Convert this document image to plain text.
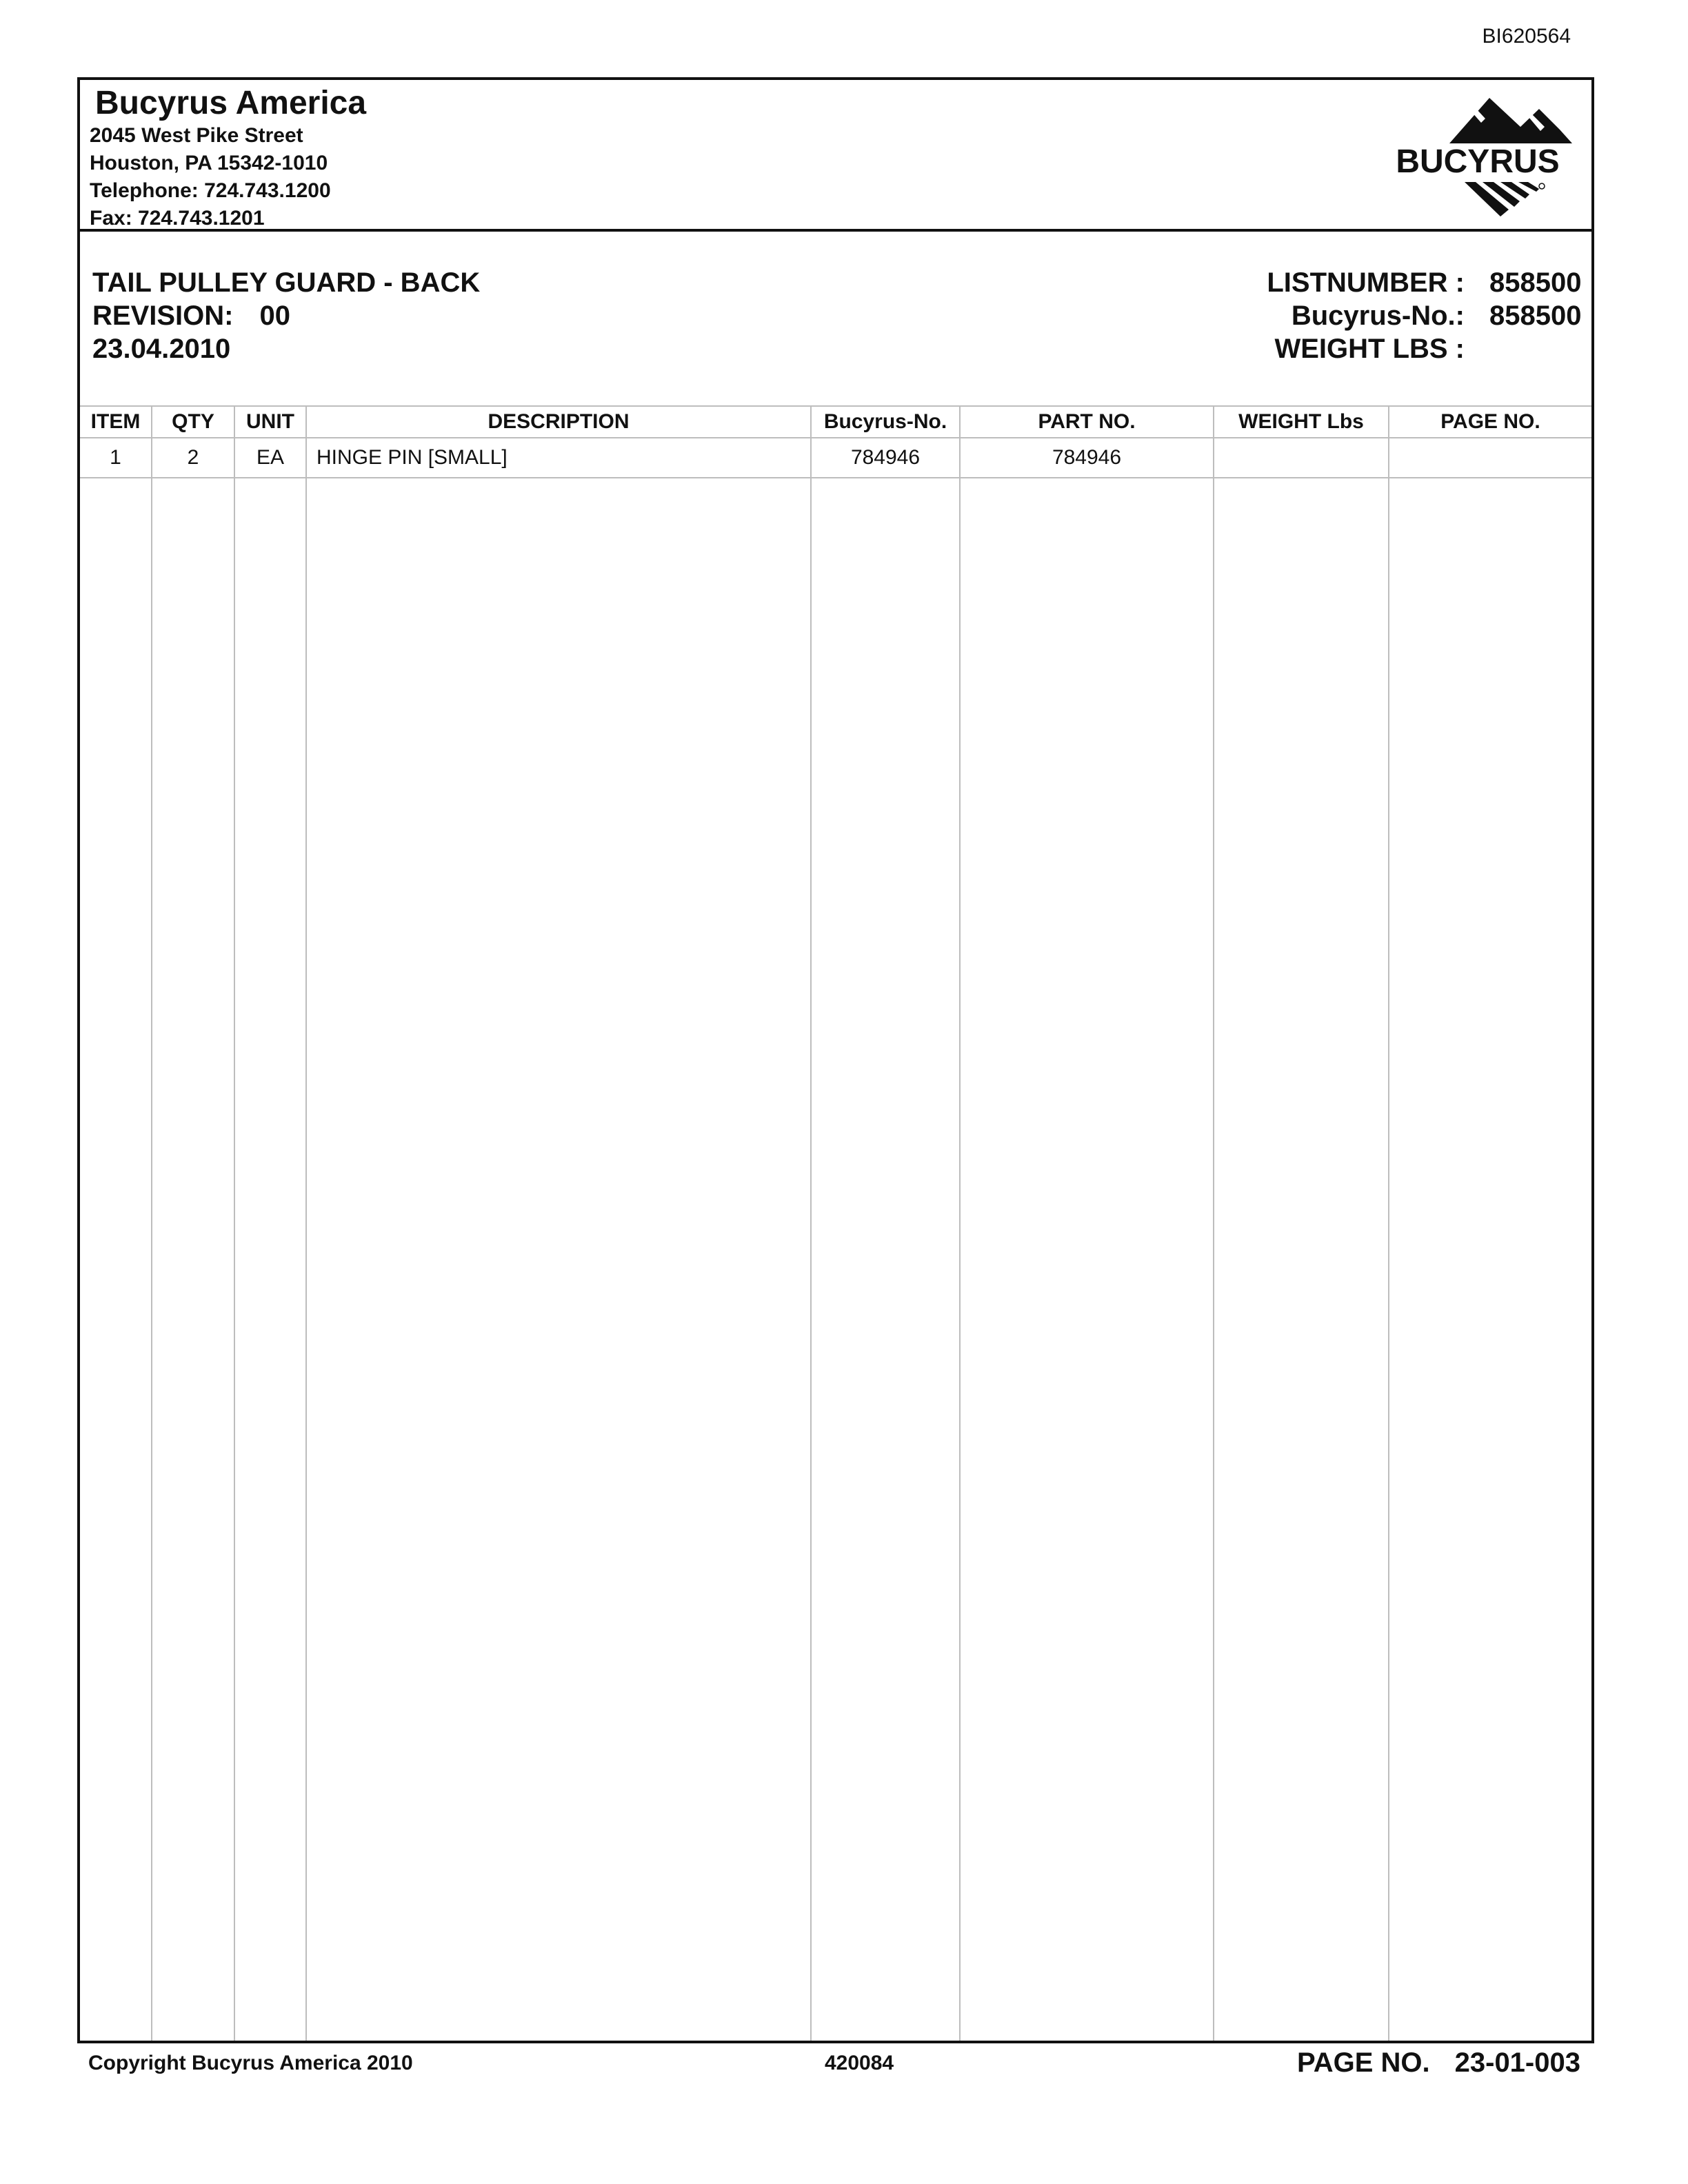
BI620564
Bucyrus America
2045 West Pike Street
Houston, PA 15342-1010
Telephone: 724.743.1200
Fax: 724.743.1201
BUCYRUS
TAIL PULLEY GUARD - BACK
REVISION: 00
23.04.2010
LISTNUMBER : 858500
Bucyrus-No.: 858500
WEIGHT LBS :
ITEM	QTY	UNIT	DESCRIPTION	Bucyrus-No.	PART NO.	WEIGHT Lbs	PAGE NO.
1	2	EA	HINGE PIN [SMALL]	784946	784946		

Copyright Bucyrus America 2010	420084	PAGE NO. 23-01-003
